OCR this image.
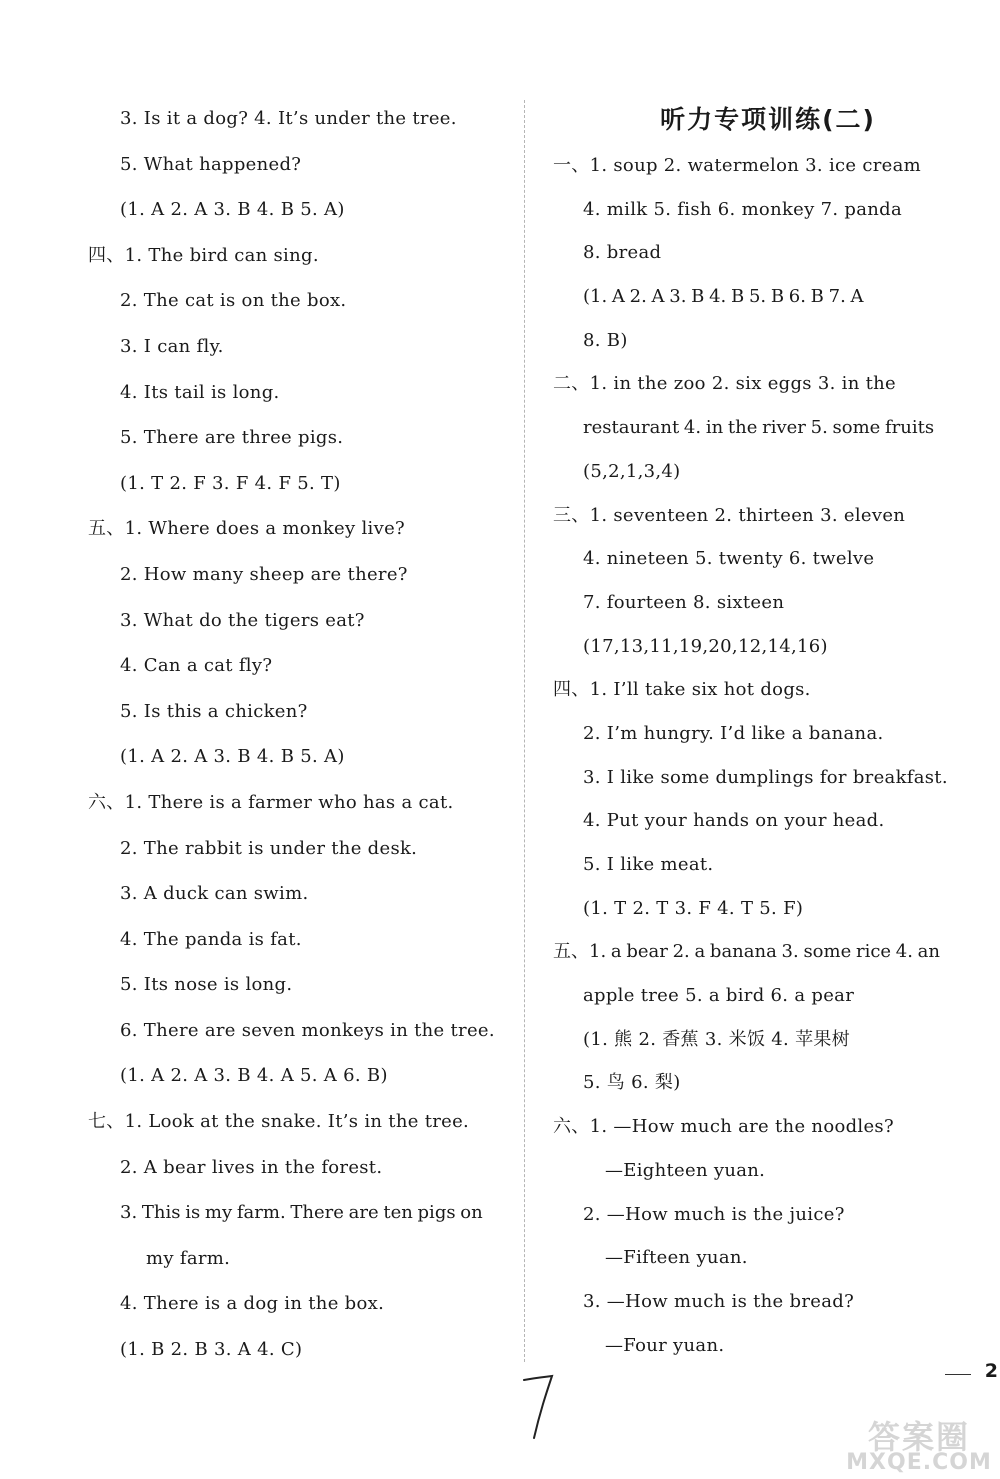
3. Is it a dog? 4. It’s under the tree.
5. What happened?
(1. A 2. A 3. B 4. B 5. A)
四、1. The bird can sing.
2. The cat is on the box.
3. I can fly.
4. Its tail is long.
5. There are three pigs.
(1. T 2. F 3. F 4. F 5. T)
五、1. Where does a monkey live?
2. How many sheep are there?
3. What do the tigers eat?
4. Can a cat fly?
5. Is this a chicken?
(1. A 2. A 3. B 4. B 5. A)
六、1. There is a farmer who has a cat.
2. The rabbit is under the desk.
3. A duck can swim.
4. The panda is fat.
5. Its nose is long.
6. There are seven monkeys in the tree.
(1. A 2. A 3. B 4. A 5. A 6. B)
七、1. Look at the snake. It’s in the tree.
2. A bear lives in the forest.
3. This is my farm. There are ten pigs on
my farm.
4. There is a dog in the box.
(1. B 2. B 3. A 4. C)
听力专项训练(二)
一、1. soup 2. watermelon 3. ice cream
4. milk 5. fish 6. monkey 7. panda
8. bread
(1. A 2. A 3. B 4. B 5. B 6. B 7. A
8. B)
二、1. in the zoo 2. six eggs 3. in the
restaurant 4. in the river 5. some fruits
(5,2,1,3,4)
三、1. seventeen 2. thirteen 3. eleven
4. nineteen 5. twenty 6. twelve
7. fourteen 8. sixteen
(17,13,11,19,20,12,14,16)
四、1. I’ll take six hot dogs.
2. I’m hungry. I’d like a banana.
3. I like some dumplings for breakfast.
4. Put your hands on your head.
5. I like meat.
(1. T 2. T 3. F 4. T 5. F)
五、1. a bear 2. a banana 3. some rice 4. an
apple tree 5. a bird 6. a pear
(1. 熊 2. 香蕉 3. 米饭 4. 苹果树
5. 鸟 6. 梨)
六、1. —How much are the noodles?
—Eighteen yuan.
2. —How much is the juice?
—Fifteen yuan.
3. —How much is the bread?
—Four yuan.
2
答案圈
MXQE.COM
